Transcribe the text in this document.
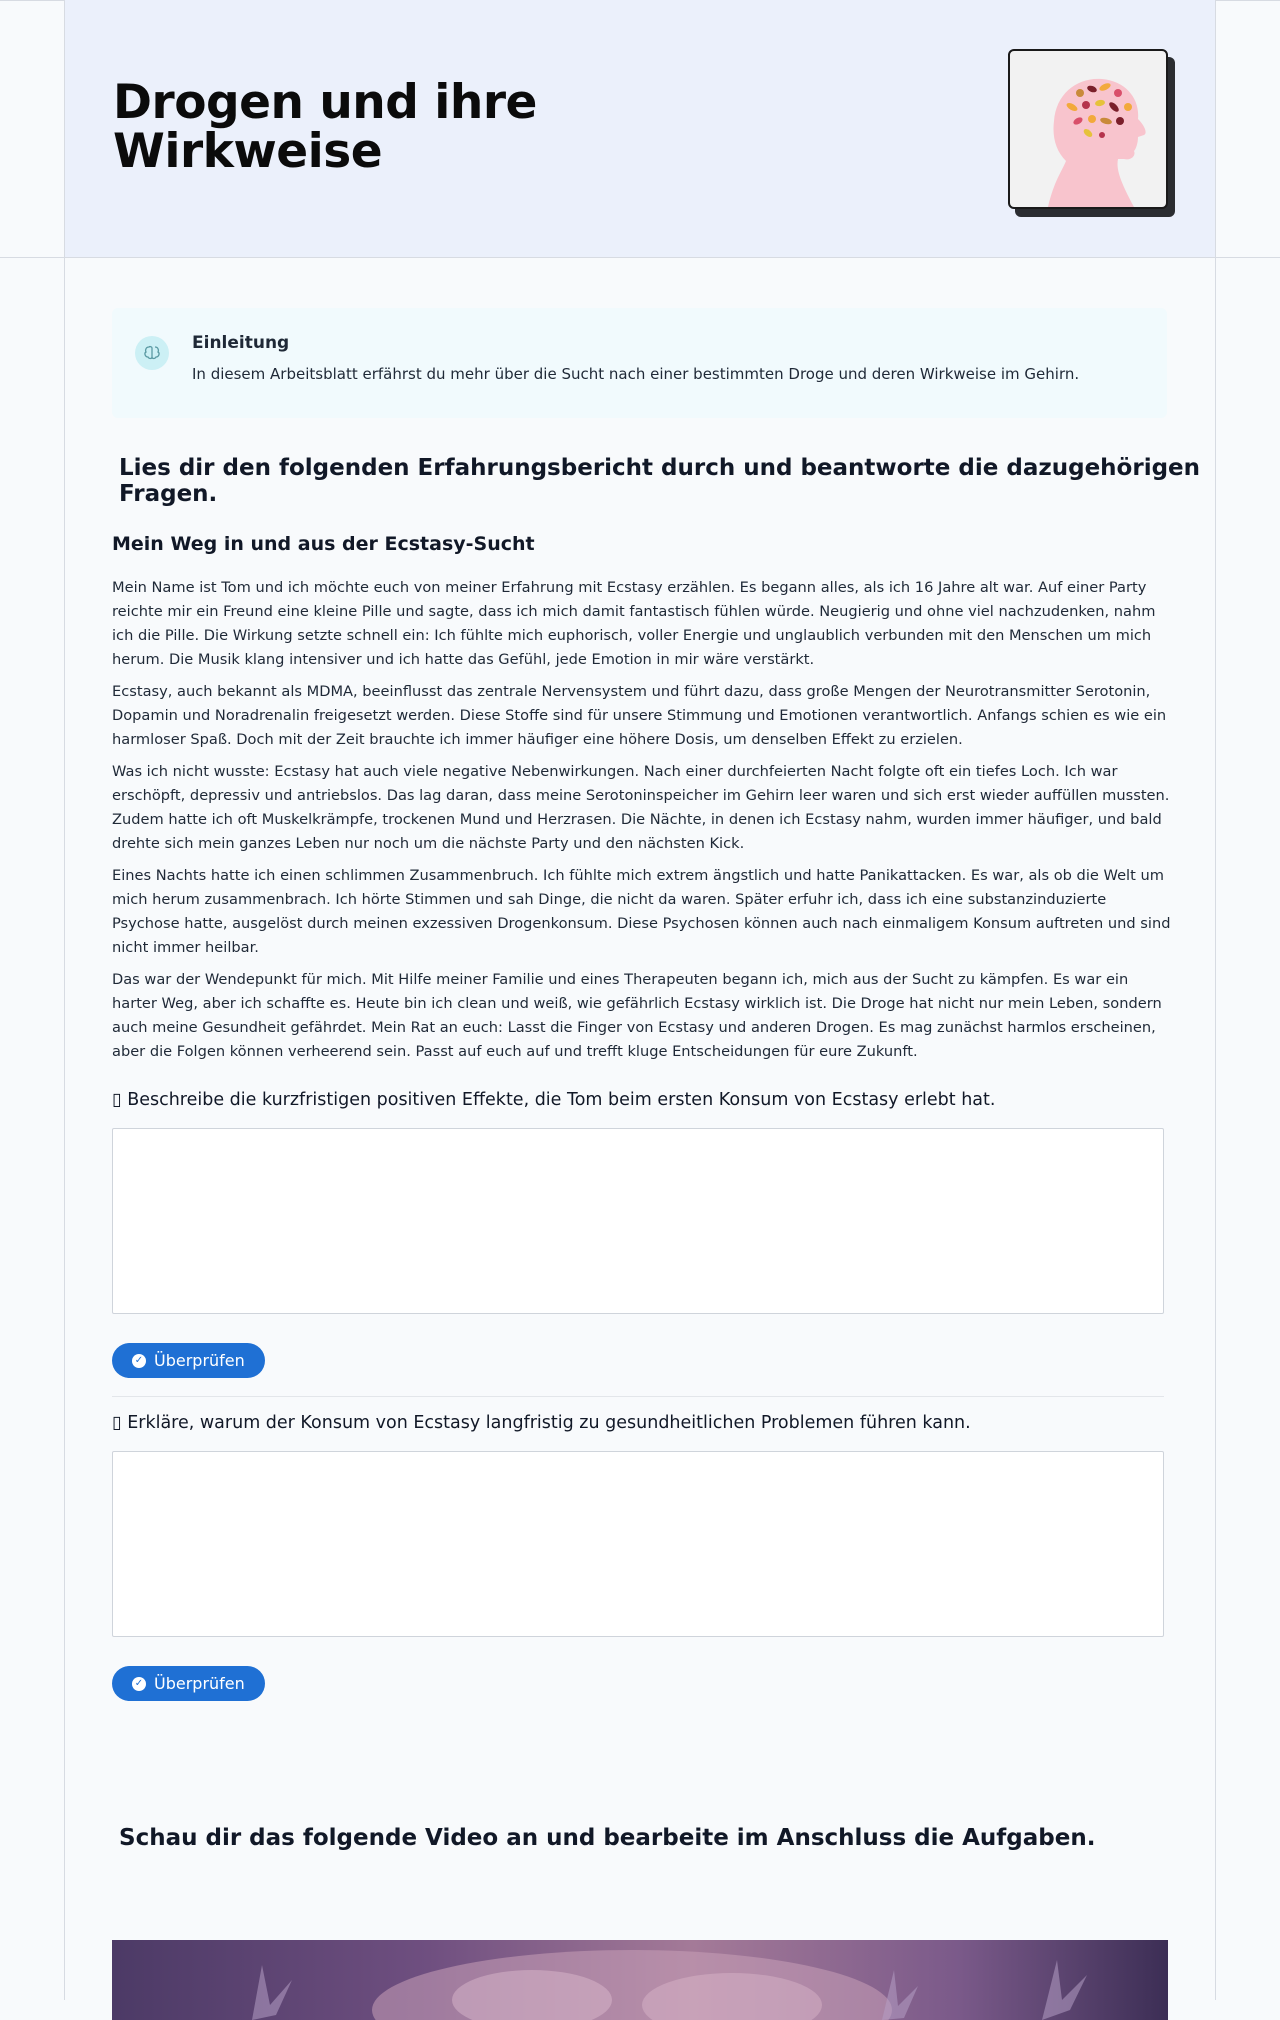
Drogen und ihre Wirkweise
Einleitung
In diesem Arbeitsblatt erfährst du mehr über die Sucht nach einer bestimmten Droge und deren Wirkweise im Gehirn.
Lies dir den folgenden Erfahrungsbericht durch und beantworte die dazugehörigen Fragen.
Mein Weg in und aus der Ecstasy-Sucht

Mein Name ist Tom und ich möchte euch von meiner Erfahrung mit Ecstasy erzählen. Es begann alles, als ich 16 Jahre alt war. Auf einer Party reichte mir ein Freund eine kleine Pille und sagte, dass ich mich damit fantastisch fühlen würde. Neugierig und ohne viel nachzudenken, nahm ich die Pille. Die Wirkung setzte schnell ein: Ich fühlte mich euphorisch, voller Energie und unglaublich verbunden mit den Menschen um mich herum. Die Musik klang intensiver und ich hatte das Gefühl, jede Emotion in mir wäre verstärkt.

Ecstasy, auch bekannt als MDMA, beeinflusst das zentrale Nervensystem und führt dazu, dass große Mengen der Neurotransmitter Serotonin, Dopamin und Noradrenalin freigesetzt werden. Diese Stoffe sind für unsere Stimmung und Emotionen verantwortlich. Anfangs schien es wie ein harmloser Spaß. Doch mit der Zeit brauchte ich immer häufiger eine höhere Dosis, um denselben Effekt zu erzielen.

Was ich nicht wusste: Ecstasy hat auch viele negative Nebenwirkungen. Nach einer durchfeierten Nacht folgte oft ein tiefes Loch. Ich war erschöpft, depressiv und antriebslos. Das lag daran, dass meine Serotoninspeicher im Gehirn leer waren und sich erst wieder auffüllen mussten. Zudem hatte ich oft Muskelkrämpfe, trockenen Mund und Herzrasen. Die Nächte, in denen ich Ecstasy nahm, wurden immer häufiger, und bald drehte sich mein ganzes Leben nur noch um die nächste Party und den nächsten Kick.

Eines Nachts hatte ich einen schlimmen Zusammenbruch. Ich fühlte mich extrem ängstlich und hatte Panikattacken. Es war, als ob die Welt um mich herum zusammenbrach. Ich hörte Stimmen und sah Dinge, die nicht da waren. Später erfuhr ich, dass ich eine substanzinduzierte Psychose hatte, ausgelöst durch meinen exzessiven Drogenkonsum. Diese Psychosen können auch nach einmaligem Konsum auftreten und sind nicht immer heilbar.

Das war der Wendepunkt für mich. Mit Hilfe meiner Familie und eines Therapeuten begann ich, mich aus der Sucht zu kämpfen. Es war ein harter Weg, aber ich schaffte es. Heute bin ich clean und weiß, wie gefährlich Ecstasy wirklich ist. Die Droge hat nicht nur mein Leben, sondern auch meine Gesundheit gefährdet. Mein Rat an euch: Lasst die Finger von Ecstasy und anderen Drogen. Es mag zunächst harmlos erscheinen, aber die Folgen können verheerend sein. Passt auf euch auf und trefft kluge Entscheidungen für eure Zukunft.

▯ Beschreibe die kurzfristigen positiven Effekte, die Tom beim ersten Konsum von Ecstasy erlebt hat.

✓ Überprüfen

▯ Erkläre, warum der Konsum von Ecstasy langfristig zu gesundheitlichen Problemen führen kann.

✓ Überprüfen
Schau dir das folgende Video an und bearbeite im Anschluss die Aufgaben.
